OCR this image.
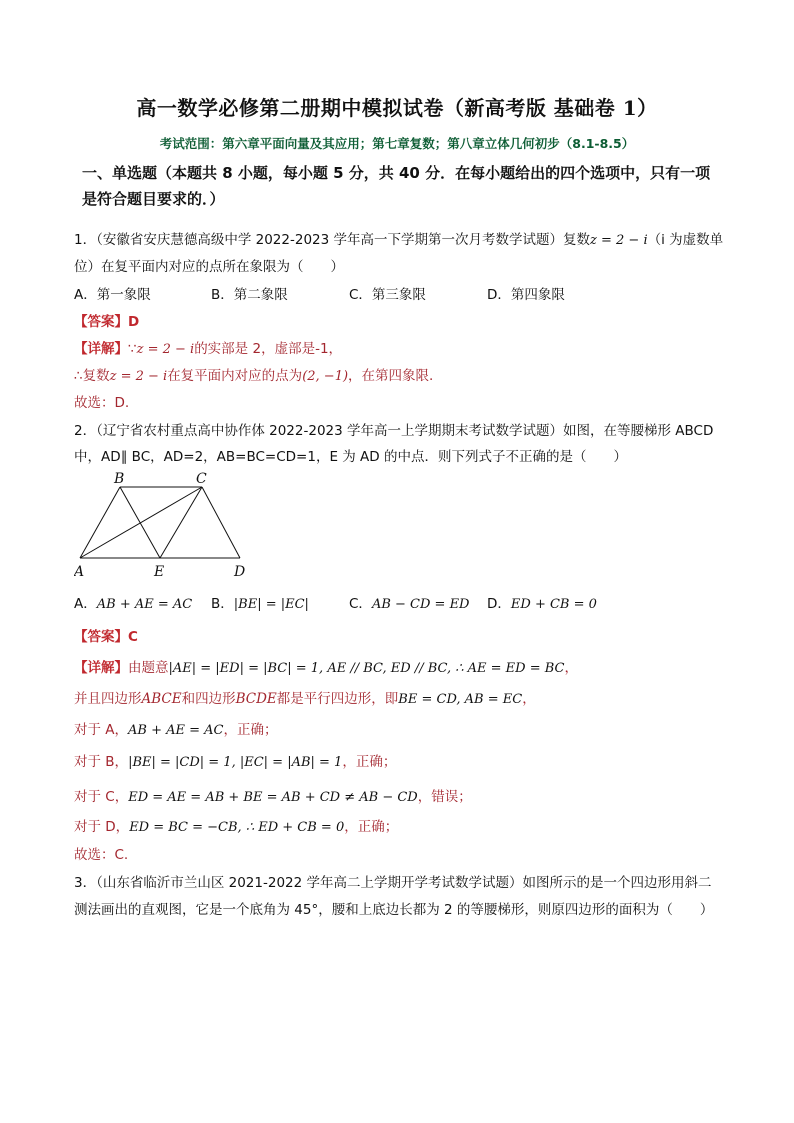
高一数学必修第二册期中模拟试卷（新高考版 基础卷 1）
考试范围：第六章平面向量及其应用；第七章复数；第八章立体几何初步（8.1-8.5）
一、单选题（本题共 8 小题，每小题 5 分，共 40 分．在每小题给出的四个选项中，只有一项是符合题目要求的．）
1．（安徽省安庆慧德高级中学 2022-2023 学年高一下学期第一次月考数学试题）复数z = 2 − i（i 为虚数单
位）在复平面内对应的点所在象限为（　　）
A．第一象限	B．第二象限	C．第三象限	D．第四象限
【答案】D
【详解】∵z = 2 − i的实部是 2，虚部是-1，
∴复数z = 2 − i在复平面内对应的点为(2, −1)，在第四象限.
故选：D.
2．（辽宁省农村重点高中协作体 2022-2023 学年高一上学期期末考试数学试题）如图，在等腰梯形 ABCD
中，AD∥ BC，AD=2，AB=BC=CD=1，E 为 AD 的中点．则下列式子不正确的是（　　）
B	C
A	E	D
A．AB + AE = AC B．|BE| = |EC|	C．AB − CD = ED D．ED + CB = 0
【答案】C
【详解】由题意|AE| = |ED| = |BC| = 1, AE // BC, ED // BC, ∴ AE = ED = BC，
并且四边形ABCE和四边形BCDE都是平行四边形，即BE = CD, AB = EC，
对于 A，AB + AE = AC，正确；
对于 B，|BE| = |CD| = 1, |EC| = |AB| = 1，正确；
对于 C，ED = AE = AB + BE = AB + CD ≠ AB − CD，错误；
对于 D，ED = BC = −CB, ∴ ED + CB = 0，正确；
故选：C.
3．（山东省临沂市兰山区 2021-2022 学年高二上学期开学考试数学试题）如图所示的是一个四边形用斜二
测法画出的直观图，它是一个底角为 45°，腰和上底边长都为 2 的等腰梯形，则原四边形的面积为（　　）
